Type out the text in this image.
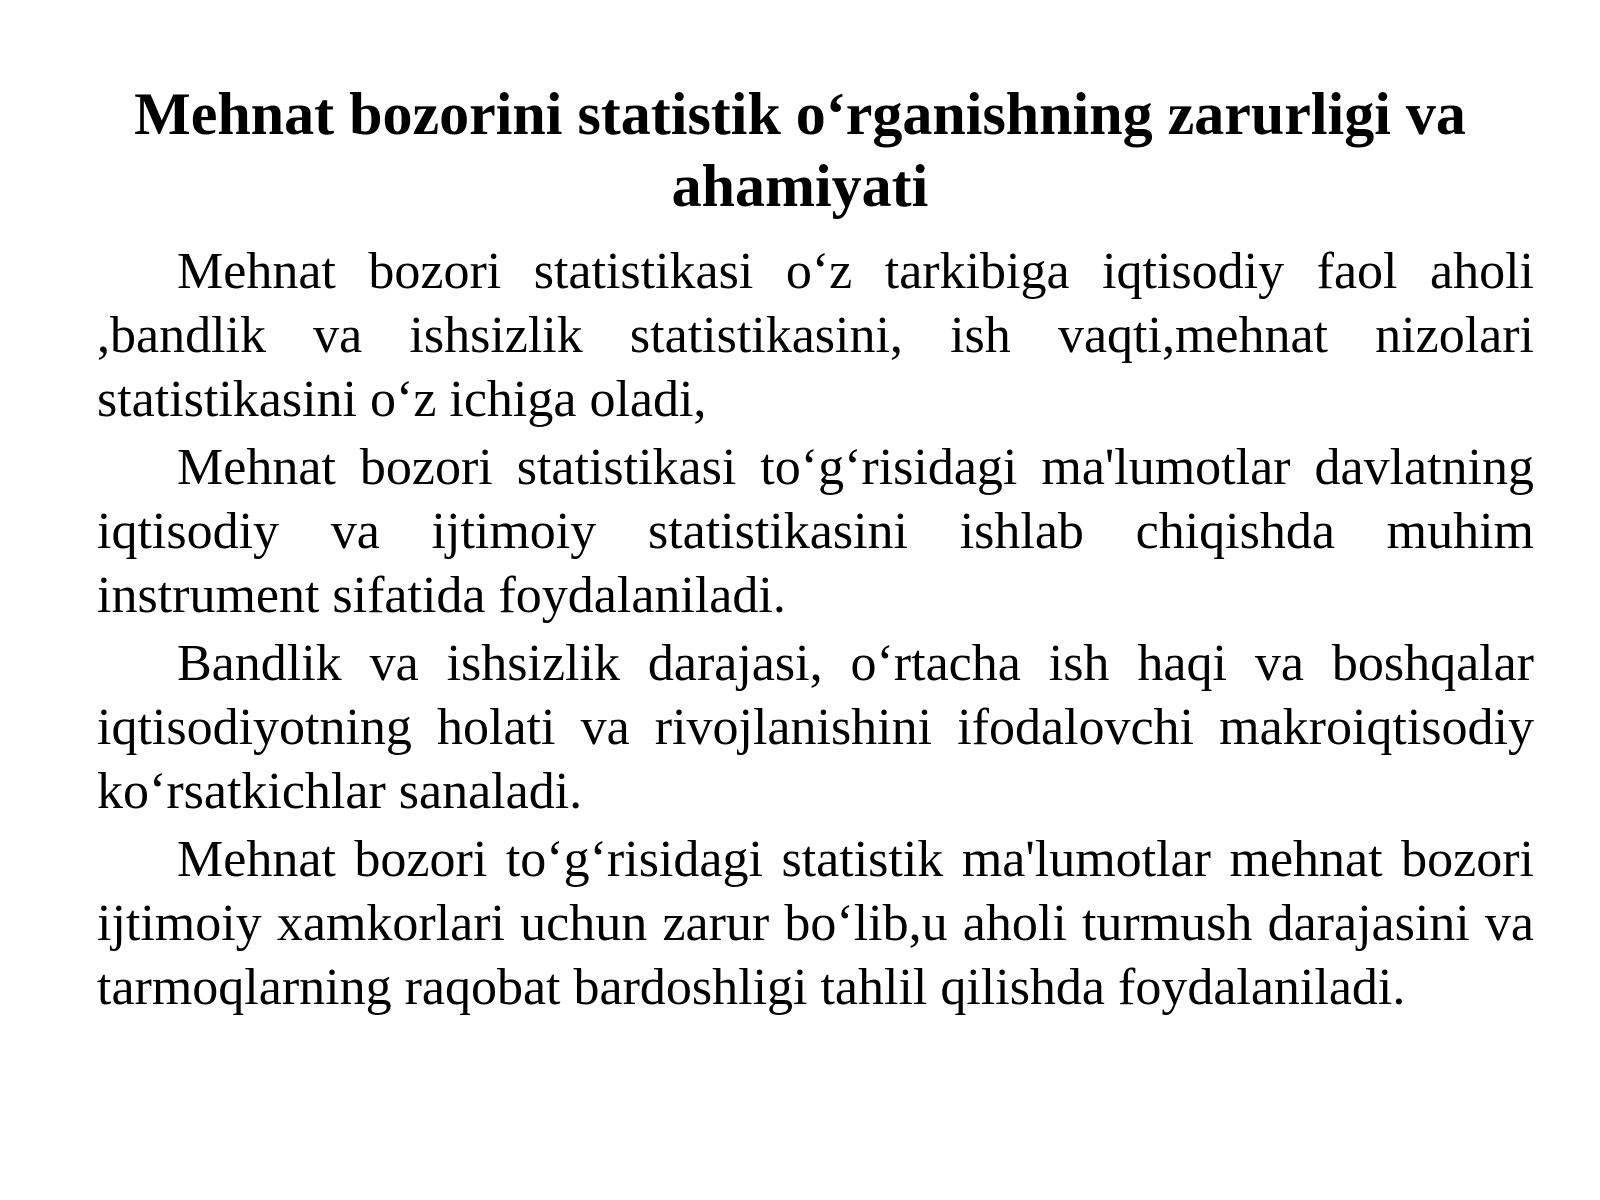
Mehnat bozorini statistik o‘rganishning zarurligi va ahamiyati

Mehnat bozori statistikasi o‘z tarkibiga iqtisodiy faol aholi ,bandlik va ishsizlik statistikasini, ish vaqti,mehnat nizolari statistikasini o‘z ichiga oladi,

Mehnat bozori statistikasi to‘g‘risidagi ma'lumotlar davlatning iqtisodiy va ijtimoiy statistikasini ishlab chiqishda muhim instrument sifatida foydalaniladi.

Bandlik va ishsizlik darajasi, o‘rtacha ish haqi va boshqalar iqtisodiyotning holati va rivojlanishini ifodalovchi makroiqtisodiy ko‘rsatkichlar sanaladi.

Mehnat bozori to‘g‘risidagi statistik ma'lumotlar mehnat bozori ijtimoiy xamkorlari uchun zarur bo‘lib,u aholi turmush darajasini va tarmoqlarning raqobat bardoshligi tahlil qilishda foydalaniladi.
